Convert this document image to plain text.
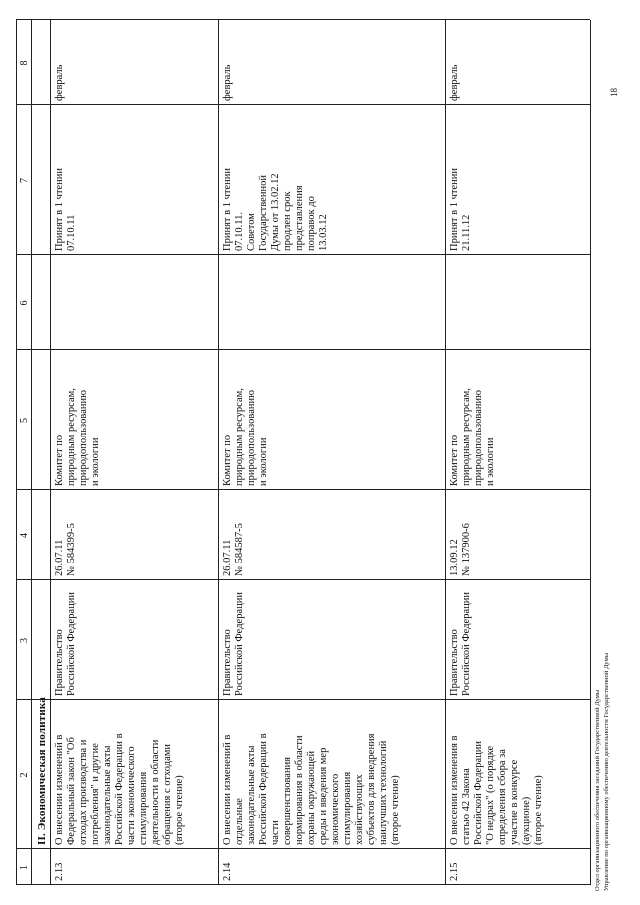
1
2
3
4
5
6
7
8
II. Экономическая политика
2.13
О внесении изменений в Федеральный закон "Об отходах производства и потребления" и другие законодательные акты Российской Федерации в части экономического стимулирования деятельности в области обращения с отходами (второе чтение)
Правительство Российской Федерации
26.07.11 № 584399-5
Комитет по природным ресурсам, природопользованию и экологии
Принят в 1 чтении 07.10.11
февраль
2.14
О внесении изменений в отдельные законодательные акты Российской Федерации в части совершенствования нормирования в области охраны окружающей среды и введения мер экономического стимулирования хозяйствующих субъектов для внедрения наилучших технологий (второе чтение)
Правительство Российской Федерации
26.07.11 № 584587-5
Комитет по природным ресурсам, природопользованию и экологии
Принят в 1 чтении 07.10.11. Советом Государственной Думы от 13.02.12 продлен срок представления поправок до 13.03.12
февраль
2.15
О внесении изменения в статью 42 Закона Российской Федерации "О недрах" (о порядке определения сбора за участие в конкурсе (аукционе) (второе чтение)
Правительство Российской Федерации
13.09.12 № 137900-6
Комитет по природным ресурсам, природопользованию и экологии
Принят в 1 чтении 21.11.12
февраль
Отдел организационного обеспечения заседаний Государственной Думы Управление по организационному обеспечению деятельности Государственной Думы
18
